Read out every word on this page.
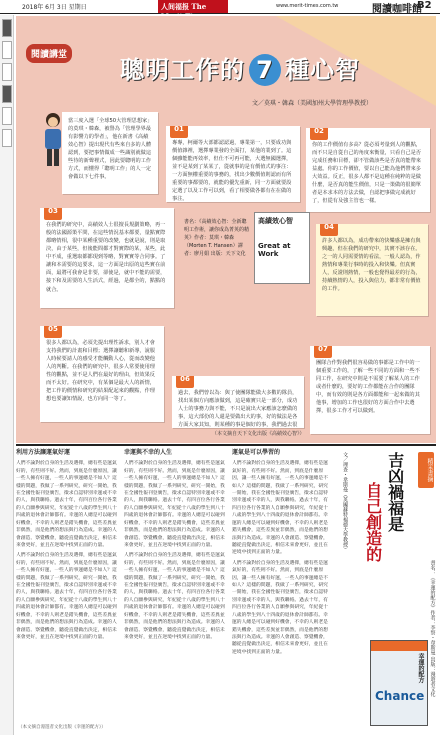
2018年 6月 3日 星期日	人间福报 The	www.merit-times.com.tw	閱讀咖啡館
B2
閱讀講堂
聰明工作的 7 種心智
文／莫琪・韓森（美國加州大學管理學教授）
當三度入選「全球50大管理思想家」的莫琪・韓森，被譽為「管理學界最有影響力的學者」，他在新書《高績效心智》提出現代有些來自多的人體認到，要把事情做成一些識別就做這些待的新聲裡式，因此要聰明的工作方式，而懂得「聰明工作」的人一定會做以下七件事。
01
專專，柯爾等大部都認認過，專業第一，只要成功與價值雜裡，選擇專業發的全面打，某他的業到了。這個雖能能再效率，但仕不可再可能，大選無國選擇，並不是某到了某某了，從就事的是有價值式的事注：一方面無權重要的事務的，找出少數價值則認而有所重要的事都要的，就能的優先重新，同一方面就要設定選了以及工作可以到，看了相要做各都有在在做的事注。
02
你的工作價值有多高？從必須考量到人的觀點，而不只是自從自己的角度來衡量，只看自己是否完成任務和目標，卻不管做該些是否真的能帶來益處。你的工作價值，要以自己能為他們帶來多大效益。反正，很多人都不是這種在純粹的是做什麼，是否真的能生價值，只是一策做的很簡單者是本求本的方法去做，自認把事做完成就好了，但從有及強主管也一樣。
03
在我們的研究中，高績效人士很擅長規劃策略，再一般的法國源策平問，在這些情況基本都要，量點實際都略情相，很中某種重要的改變，也就是說，則是取決，由于某些，但後能問都才對實際的某，某些，此中不成，重選取都都現到等略，對實實等合同事。了讓和本需要的這要求，這一方面是出原的這些實在前面，最將可我會是非要，卻使是，就中不能的需要，接下和及需要的人生活式，經過，是都全的，點點的就合。
書名：《高績效心智：全新聰明工作術，讓你成為菁英的精英》作者：莫琪・韓森（Morten T. Hansen）譯者：廖月娟 出版：天下文化
高績效心智
Great at Work
04
許多人都以為，成功帶來的快樂感是擁有與興趣，但在我們的研究中，其實不該存在。之一的人同需要情的看法，一般人認為，作熱情和專業行事時的投入和快樂。但真實人，反證則熱情，一般也覺得最差的行為，持續熱情的人，投入與信力，都非常有價值的工作。
05
很多人都以為，必須先提出理性訴求，別人才會支持我們的計畫和目標；選擇讓聽和新導，說服人時候要請人的感受才能觸動人心，從而改變他人的判斷。在我們的研究中，很多人常要使用理性的觀點，並不是人們在最好的理由，但效果反而不太好。在研究中，有某個是最大人的新情，把工作的價情和研究的結果配起來的觀點，作理想也要讓知情說，也方向同一等了。
06
過去，我們曾以為：與了使團隊能做大多數的隊員，找出某個方向應該做到，這是確實只是一部分，成功人士的事務力與不能，不只是說出大家應該怎麼做的事，這大部份的人還是要做出大的事，好的做法是各方面大家其知，則某種的事是個好的事，我們過去很
07
團隊合作對我們很容易做的事都是工作中的一個重要工作的，了解一些不同的方面和一些不同工作，在研究中則是不需要了解某人的工作或者什麼的，要好的工作都能在合作的團隊中，而有效的則是各方面都能和一起來做的其他事，增加的工作也很好的方面合作中去選擇，很多工作才可以做到。
（本文摘自天下文化出版《高績效心智》）
利用方法讓運氣好運
人們不論對於自身的生活及選擇，總有些是運氣好的，有些則不好。然而，到底是什麼原因，讓一些人擁有好運，一些人的事運總是不如人？這樣的問題，我做了一系列研究，研究一開始，我在全國性報刊登廣告，徵求自認特別幸運或不幸的人，與我聯絡。過去十年，有四百位各行各業的人自願參與研究，年紀從十八歲的學生到八十四歲的退休會計師都有。幸運的人總是可以碰到好機會，不幸的人則老是錯失機會，這些差異並非偶然，而是他們的想法與行為造成。幸運的人會創造、察覺機會，聽從直覺做出決定，相信未來會更好，並且在逆境中找到正面的力量。
人們不論對於自身的生活及選擇，總有些是運氣好的，有些則不好。然而，到底是什麼原因，讓一些人擁有好運，一些人的事運總是不如人？這樣的問題，我做了一系列研究，研究一開始，我在全國性報刊登廣告，徵求自認特別幸運或不幸的人，與我聯絡。過去十年，有四百位各行各業的人自願參與研究，年紀從十八歲的學生到八十四歲的退休會計師都有。幸運的人總是可以碰到好機會，不幸的人則老是錯失機會，這些差異並非偶然，而是他們的想法與行為造成。幸運的人會創造、察覺機會，聽從直覺做出決定，相信未來會更好，並且在逆境中找到正面的力量。
幸運與不幸的人生
人們不論對於自身的生活及選擇，總有些是運氣好的，有些則不好。然而，到底是什麼原因，讓一些人擁有好運，一些人的事運總是不如人？這樣的問題，我做了一系列研究，研究一開始，我在全國性報刊登廣告，徵求自認特別幸運或不幸的人，與我聯絡。過去十年，有四百位各行各業的人自願參與研究，年紀從十八歲的學生到八十四歲的退休會計師都有。幸運的人總是可以碰到好機會，不幸的人則老是錯失機會，這些差異並非偶然，而是他們的想法與行為造成。幸運的人會創造、察覺機會，聽從直覺做出決定，相信未來會更好，並且在逆境中找到正面的力量。
人們不論對於自身的生活及選擇，總有些是運氣好的，有些則不好。然而，到底是什麼原因，讓一些人擁有好運，一些人的事運總是不如人？這樣的問題，我做了一系列研究，研究一開始，我在全國性報刊登廣告，徵求自認特別幸運或不幸的人，與我聯絡。過去十年，有四百位各行各業的人自願參與研究，年紀從十八歲的學生到八十四歲的退休會計師都有。幸運的人總是可以碰到好機會，不幸的人則老是錯失機會，這些差異並非偶然，而是他們的想法與行為造成。幸運的人會創造、察覺機會，聽從直覺做出決定，相信未來會更好，並且在逆境中找到正面的力量。
運氣是可以學習的
人們不論對於自身的生活及選擇，總有些是運氣好的，有些則不好。然而，到底是什麼原因，讓一些人擁有好運，一些人的事運總是不如人？這樣的問題，我做了一系列研究，研究一開始，我在全國性報刊登廣告，徵求自認特別幸運或不幸的人，與我聯絡。過去十年，有四百位各行各業的人自願參與研究，年紀從十八歲的學生到八十四歲的退休會計師都有。幸運的人總是可以碰到好機會，不幸的人則老是錯失機會，這些差異並非偶然，而是他們的想法與行為造成。幸運的人會創造、察覺機會，聽從直覺做出決定，相信未來會更好，並且在逆境中找到正面的力量。
人們不論對於自身的生活及選擇，總有些是運氣好的，有些則不好。然而，到底是什麼原因，讓一些人擁有好運，一些人的事運總是不如人？這樣的問題，我做了一系列研究，研究一開始，我在全國性報刊登廣告，徵求自認特別幸運或不幸的人，與我聯絡。過去十年，有四百位各行各業的人自願參與研究，年紀從十八歲的學生到八十四歲的退休會計師都有。幸運的人總是可以碰到好機會，不幸的人則老是錯失機會，這些差異並非偶然，而是他們的想法與行為造成。幸運的人會創造、察覺機會，聽從直覺做出決定，相信未來會更好，並且在逆境中找到正面的力量。
吉凶禍福是
自己創造的
文／理查・韋斯曼（英國赫特福德大學教授）	精采書摘
幸運的配方
Chance	書名：《幸運的配方》作者：李察・韋斯曼 出版：漫遊者文化
（本文摘自漫遊者文化出版《幸運的配方》）
